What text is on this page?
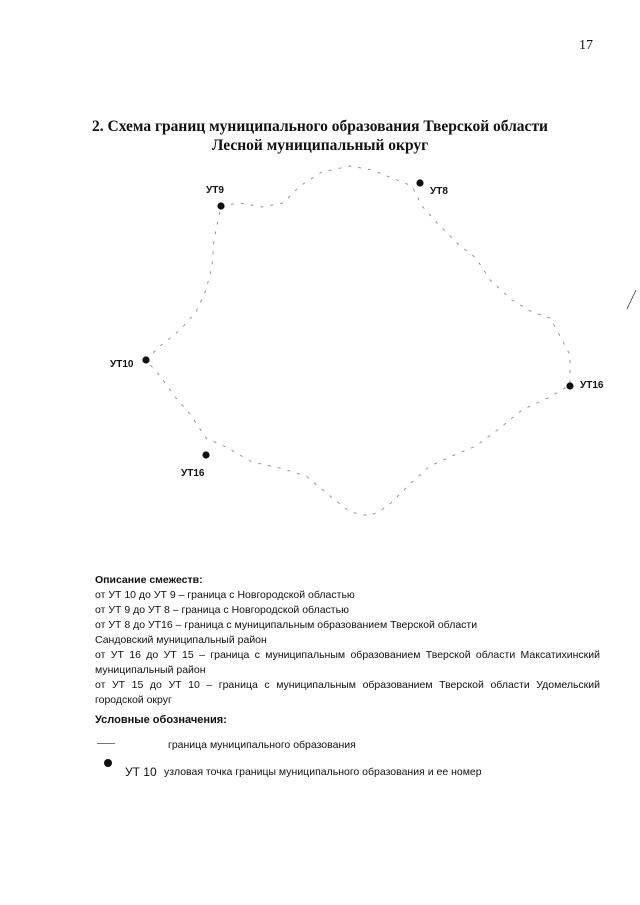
17
2. Схема границ муниципального образования Тверской области
Лесной муниципальный округ
УТ9	УТ8
УТ10
УТ16
УТ16
Описание смежеств:
от УТ 10 до УТ 9 – граница с Новгородской областью
от УТ 9 до УТ 8 – граница с Новгородской областью
от УТ 8 до УТ16 – граница с муниципальным образованием Тверской области
Сандовский муниципальный район
от УТ 16 до УТ 15 – граница с муниципальным образованием Тверской области Максатихинский муниципальный район
от УТ 15 до УТ 10 – граница с муниципальным образованием Тверской области Удомельский городской округ
Условные обозначения:
граница муниципального образования
УТ 10 узловая точка границы муниципального образования и ее номер
